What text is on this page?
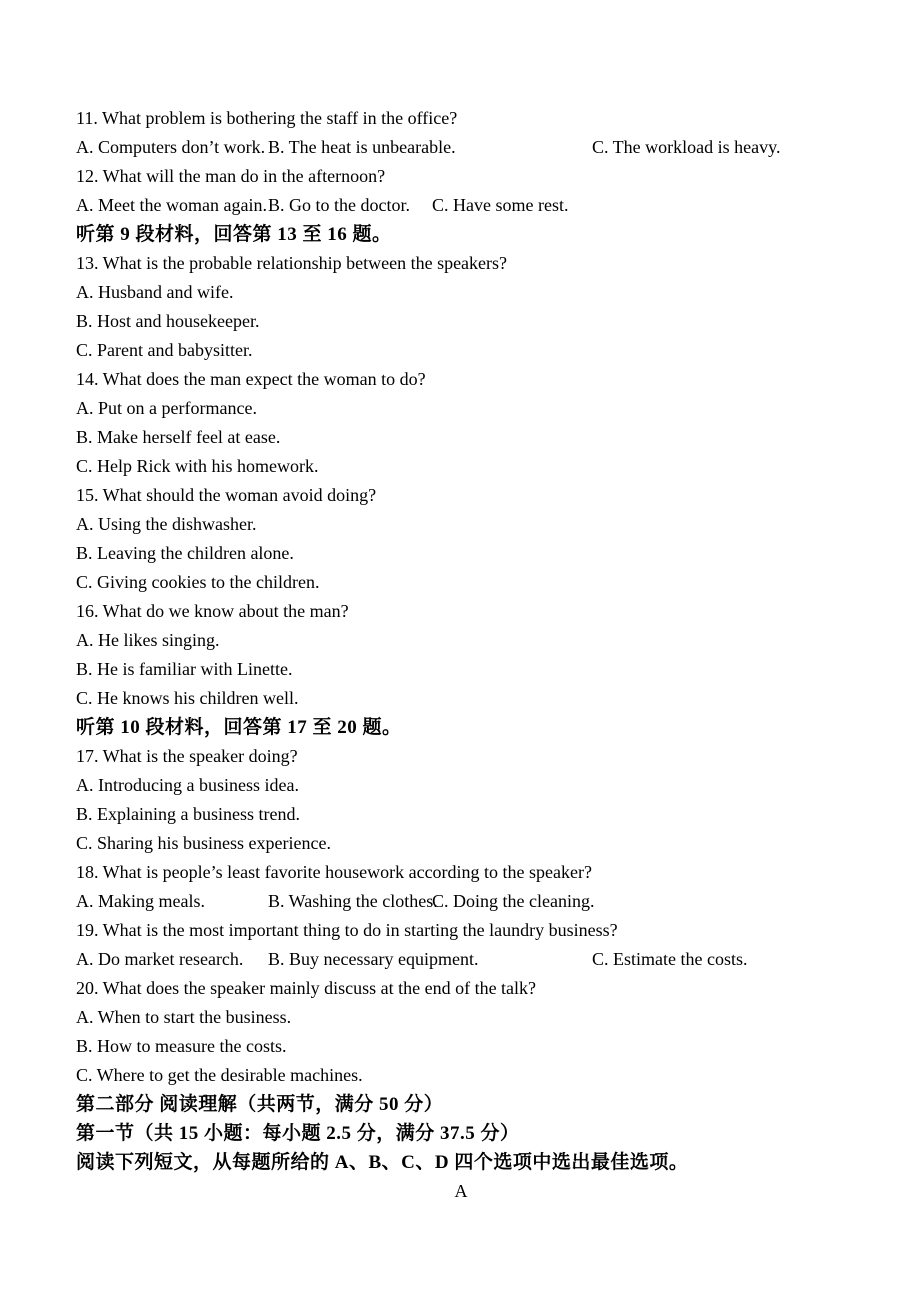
11. What problem is bothering the staff in the office?
A. Computers don’t work. B. The heat is unbearable.	C. The workload is heavy.
12. What will the man do in the afternoon?
A. Meet the woman again. B. Go to the doctor. C. Have some rest.
听第 9 段材料，回答第 13 至 16 题。
13. What is the probable relationship between the speakers?
A. Husband and wife.
B. Host and housekeeper.
C. Parent and babysitter.
14. What does the man expect the woman to do?
A. Put on a performance.
B. Make herself feel at ease.
C. Help Rick with his homework.
15. What should the woman avoid doing?
A. Using the dishwasher.
B. Leaving the children alone.
C. Giving cookies to the children.
16. What do we know about the man?
A. He likes singing.
B. He is familiar with Linette.
C. He knows his children well.
听第 10 段材料，回答第 17 至 20 题。
17. What is the speaker doing?
A. Introducing a business idea.
B. Explaining a business trend.
C. Sharing his business experience.
18. What is people’s least favorite housework according to the speaker?
A. Making meals.	B. Washing the clothes.
C. Doing the cleaning.
19. What is the most important thing to do in starting the laundry business?
A. Do market research. B. Buy necessary equipment.	C. Estimate the costs.
20. What does the speaker mainly discuss at the end of the talk?
A. When to start the business.
B. How to measure the costs.
C. Where to get the desirable machines.
第二部分 阅读理解（共两节，满分 50 分）
第一节（共 15 小题：每小题 2.5 分，满分 37.5 分）
阅读下列短文，从每题所给的 A、B、C、D 四个选项中选出最佳选项。
A
